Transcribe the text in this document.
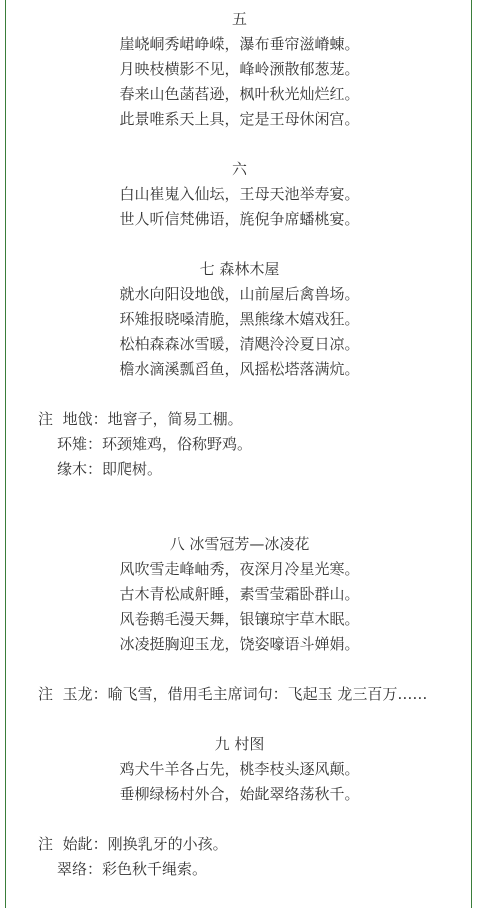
五
崖峣峒秀峮峥嵘，瀑布垂帘滋嵴蝀。
月映枝横影不见，峰岭滪散郁葱茏。
春来山色菡萏逊，枫叶秋光灿烂红。
此景唯系天上具，定是王母休闲宫。
六
白山崔嵬入仙坛，王母天池举寿宴。
世人听信梵佛语，旄倪争席蟠桃宴。
七 森林木屋
就水向阳设地戗，山前屋后禽兽场。
环雉报晓嗓清脆，黑熊缘木嬉戏狂。
松柏森森冰雪暖，清飓泠泠夏日凉。
檐水滴溪瓢舀鱼，风摇松塔落满炕。
注 地戗：地窨子，简易工棚。
环雉：环颈雉鸡，俗称野鸡。
缘木：即爬树。
八 冰雪冠芳—冰凌花
风吹雪走峰岫秀，夜深月冷星光寒。
古木青松咸鼾睡，素雪莹霜卧群山。
风卷鹅毛漫天舞，银镶琼宇草木眠。
冰凌挺胸迎玉龙，饶姿嚎语斗婵娟。
注 玉龙：喻飞雪，借用毛主席词句：飞起玉 龙三百万……
九 村图
鸡犬牛羊各占先，桃李枝头逐风颠。
垂柳绿杨村外合，始龀翠络荡秋千。
注 始龀：刚换乳牙的小孩。
翠络：彩色秋千绳索。
